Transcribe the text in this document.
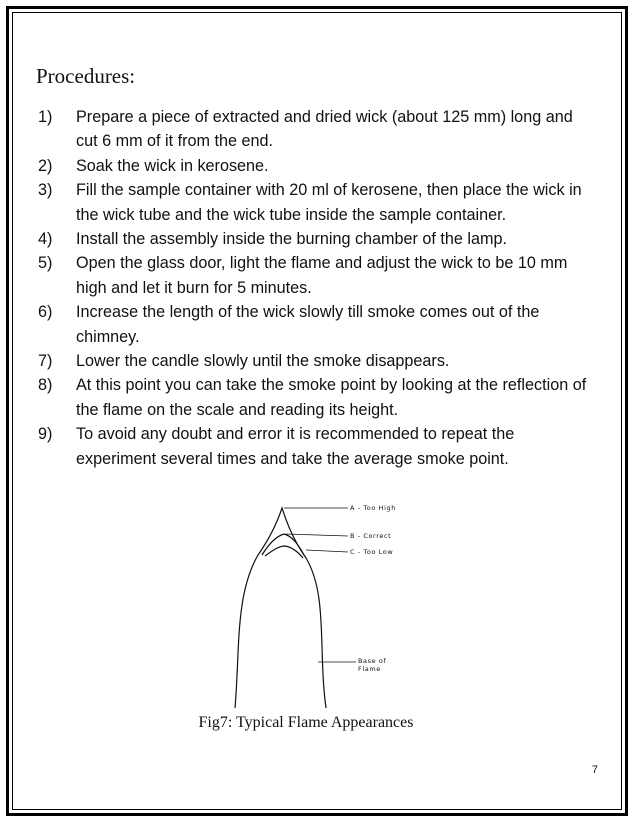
Procedures:
1)	Prepare a piece of extracted and dried wick (about 125 mm) long and cut 6 mm of it from the end.
2)	Soak the wick in kerosene.
3)	Fill the sample container with 20 ml of kerosene, then place the wick in the wick tube and the wick tube inside the sample container.
4)	Install the assembly inside the burning chamber of the lamp.
5)	Open the glass door, light the flame and adjust the wick to be 10 mm high and let it burn for 5 minutes.
6)	Increase the length of the wick slowly till smoke comes out of the chimney.
7)	Lower the candle slowly until the smoke disappears.
8)	At this point you can take the smoke point by looking at the reflection of the flame on the scale and reading its height.
9)	To avoid any doubt and error it is recommended to repeat the experiment several times and take the average smoke point.
A - Too High
B - Correct
C - Too Low
Base of
Flame

Fig7: Typical Flame Appearances

7
